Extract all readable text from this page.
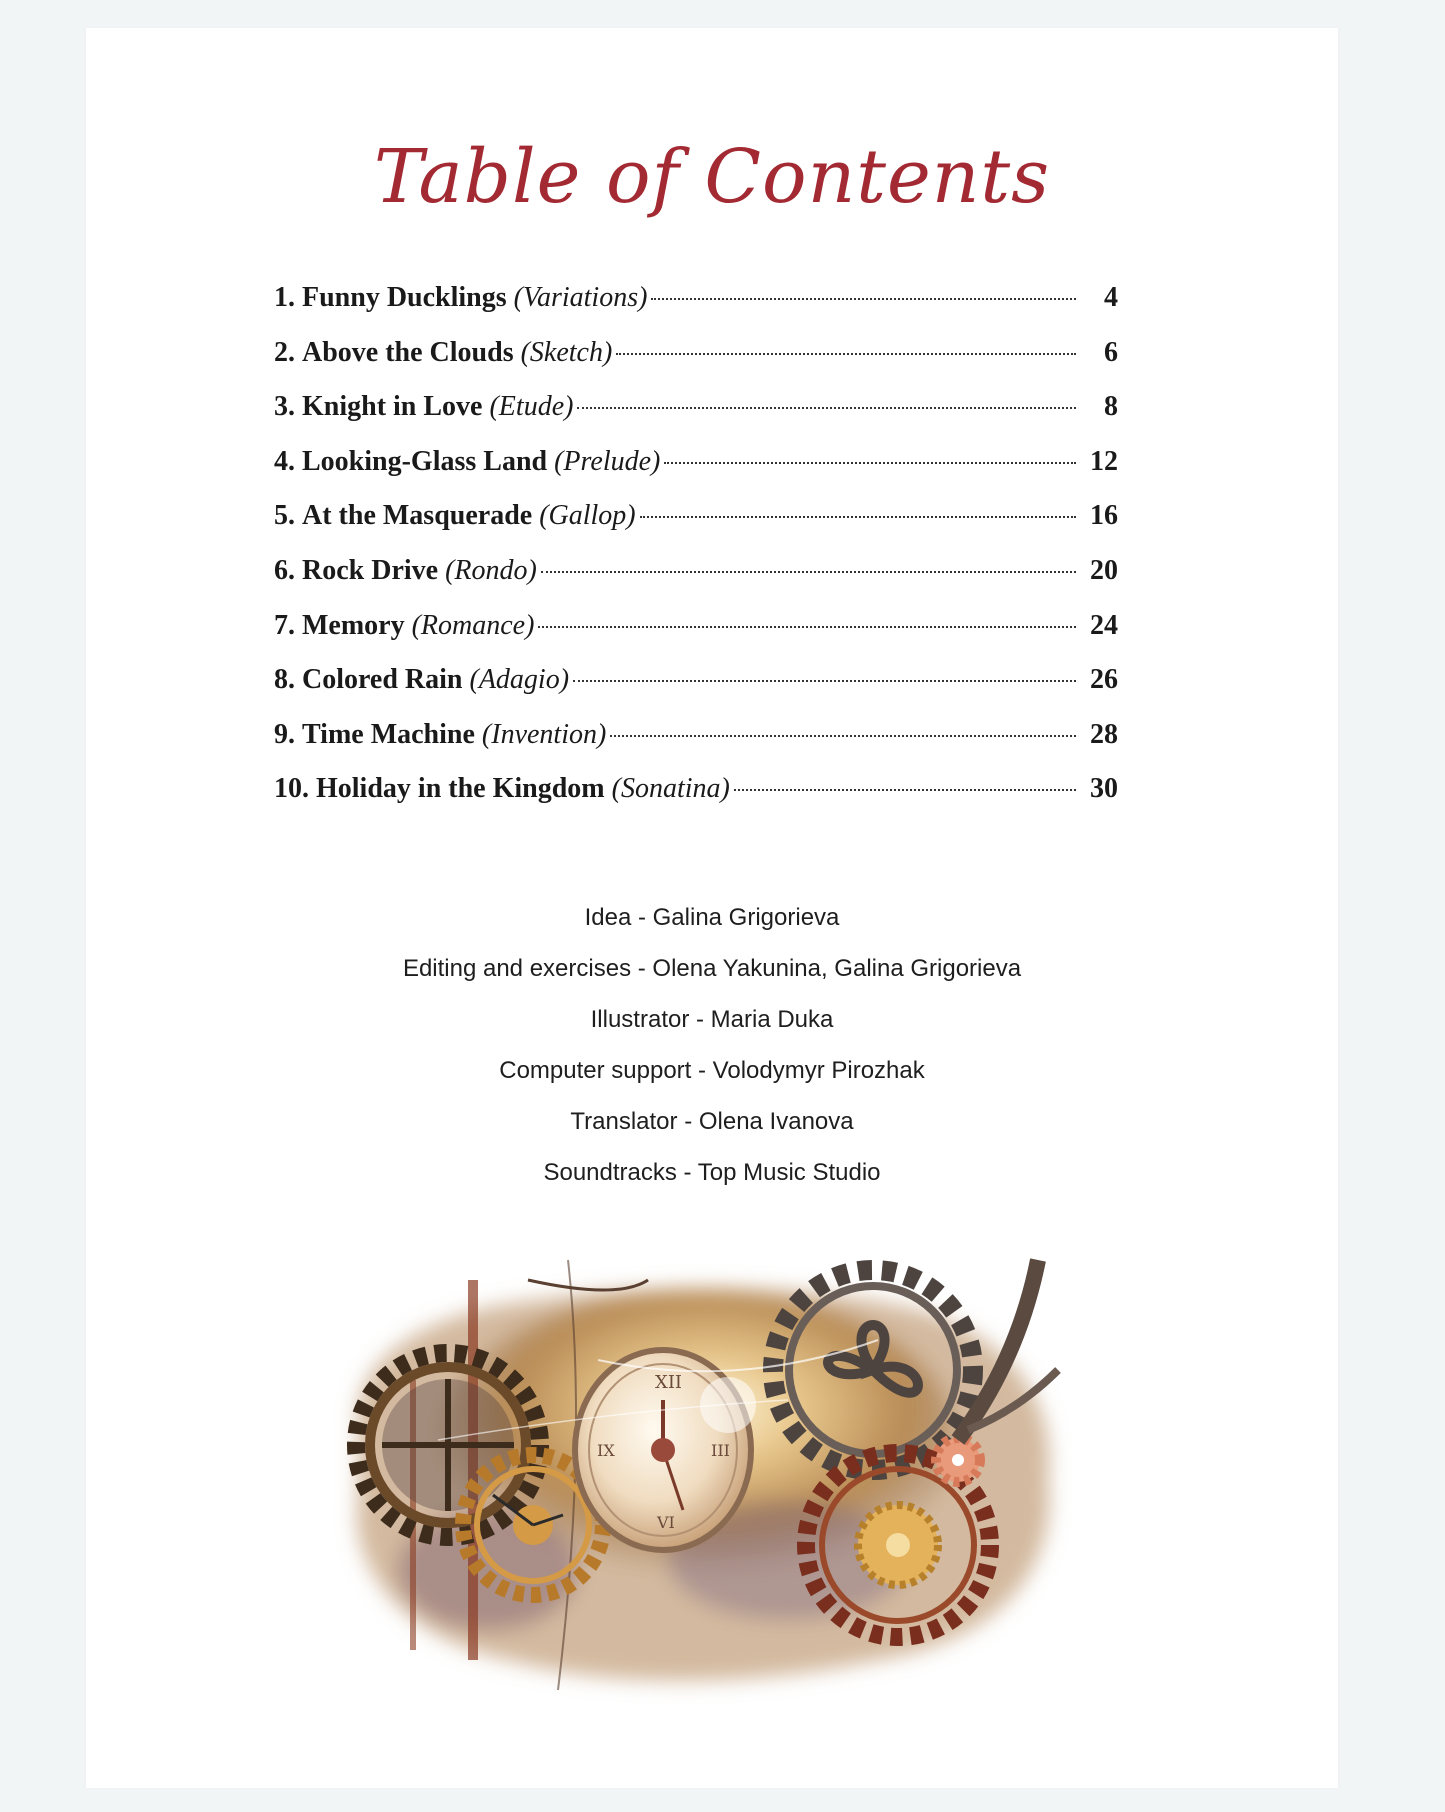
Table of Contents
1.
Funny Ducklings
(Variations)	4
2.
Above the Clouds
(Sketch)	6
3.
Knight in Love
(Etude)	8
4.
Looking-Glass Land
(Prelude)	12
5.
At the Masquerade
(Gallop)	16
6.
Rock Drive
(Rondo)	20
7.
Memory
(Romance)	24
8.
Colored Rain
(Adagio)	26
9.
Time Machine
(Invention)	28
10.
Holiday in the Kingdom
(Sonatina)	30
Idea - Galina Grigorieva
Editing and exercises - Olena Yakunina, Galina Grigorieva
Illustrator - Maria Duka
Computer support - Volodymyr Pirozhak
Translator - Olena Ivanova
Soundtracks - Top Music Studio
XII
III
VI
IX
